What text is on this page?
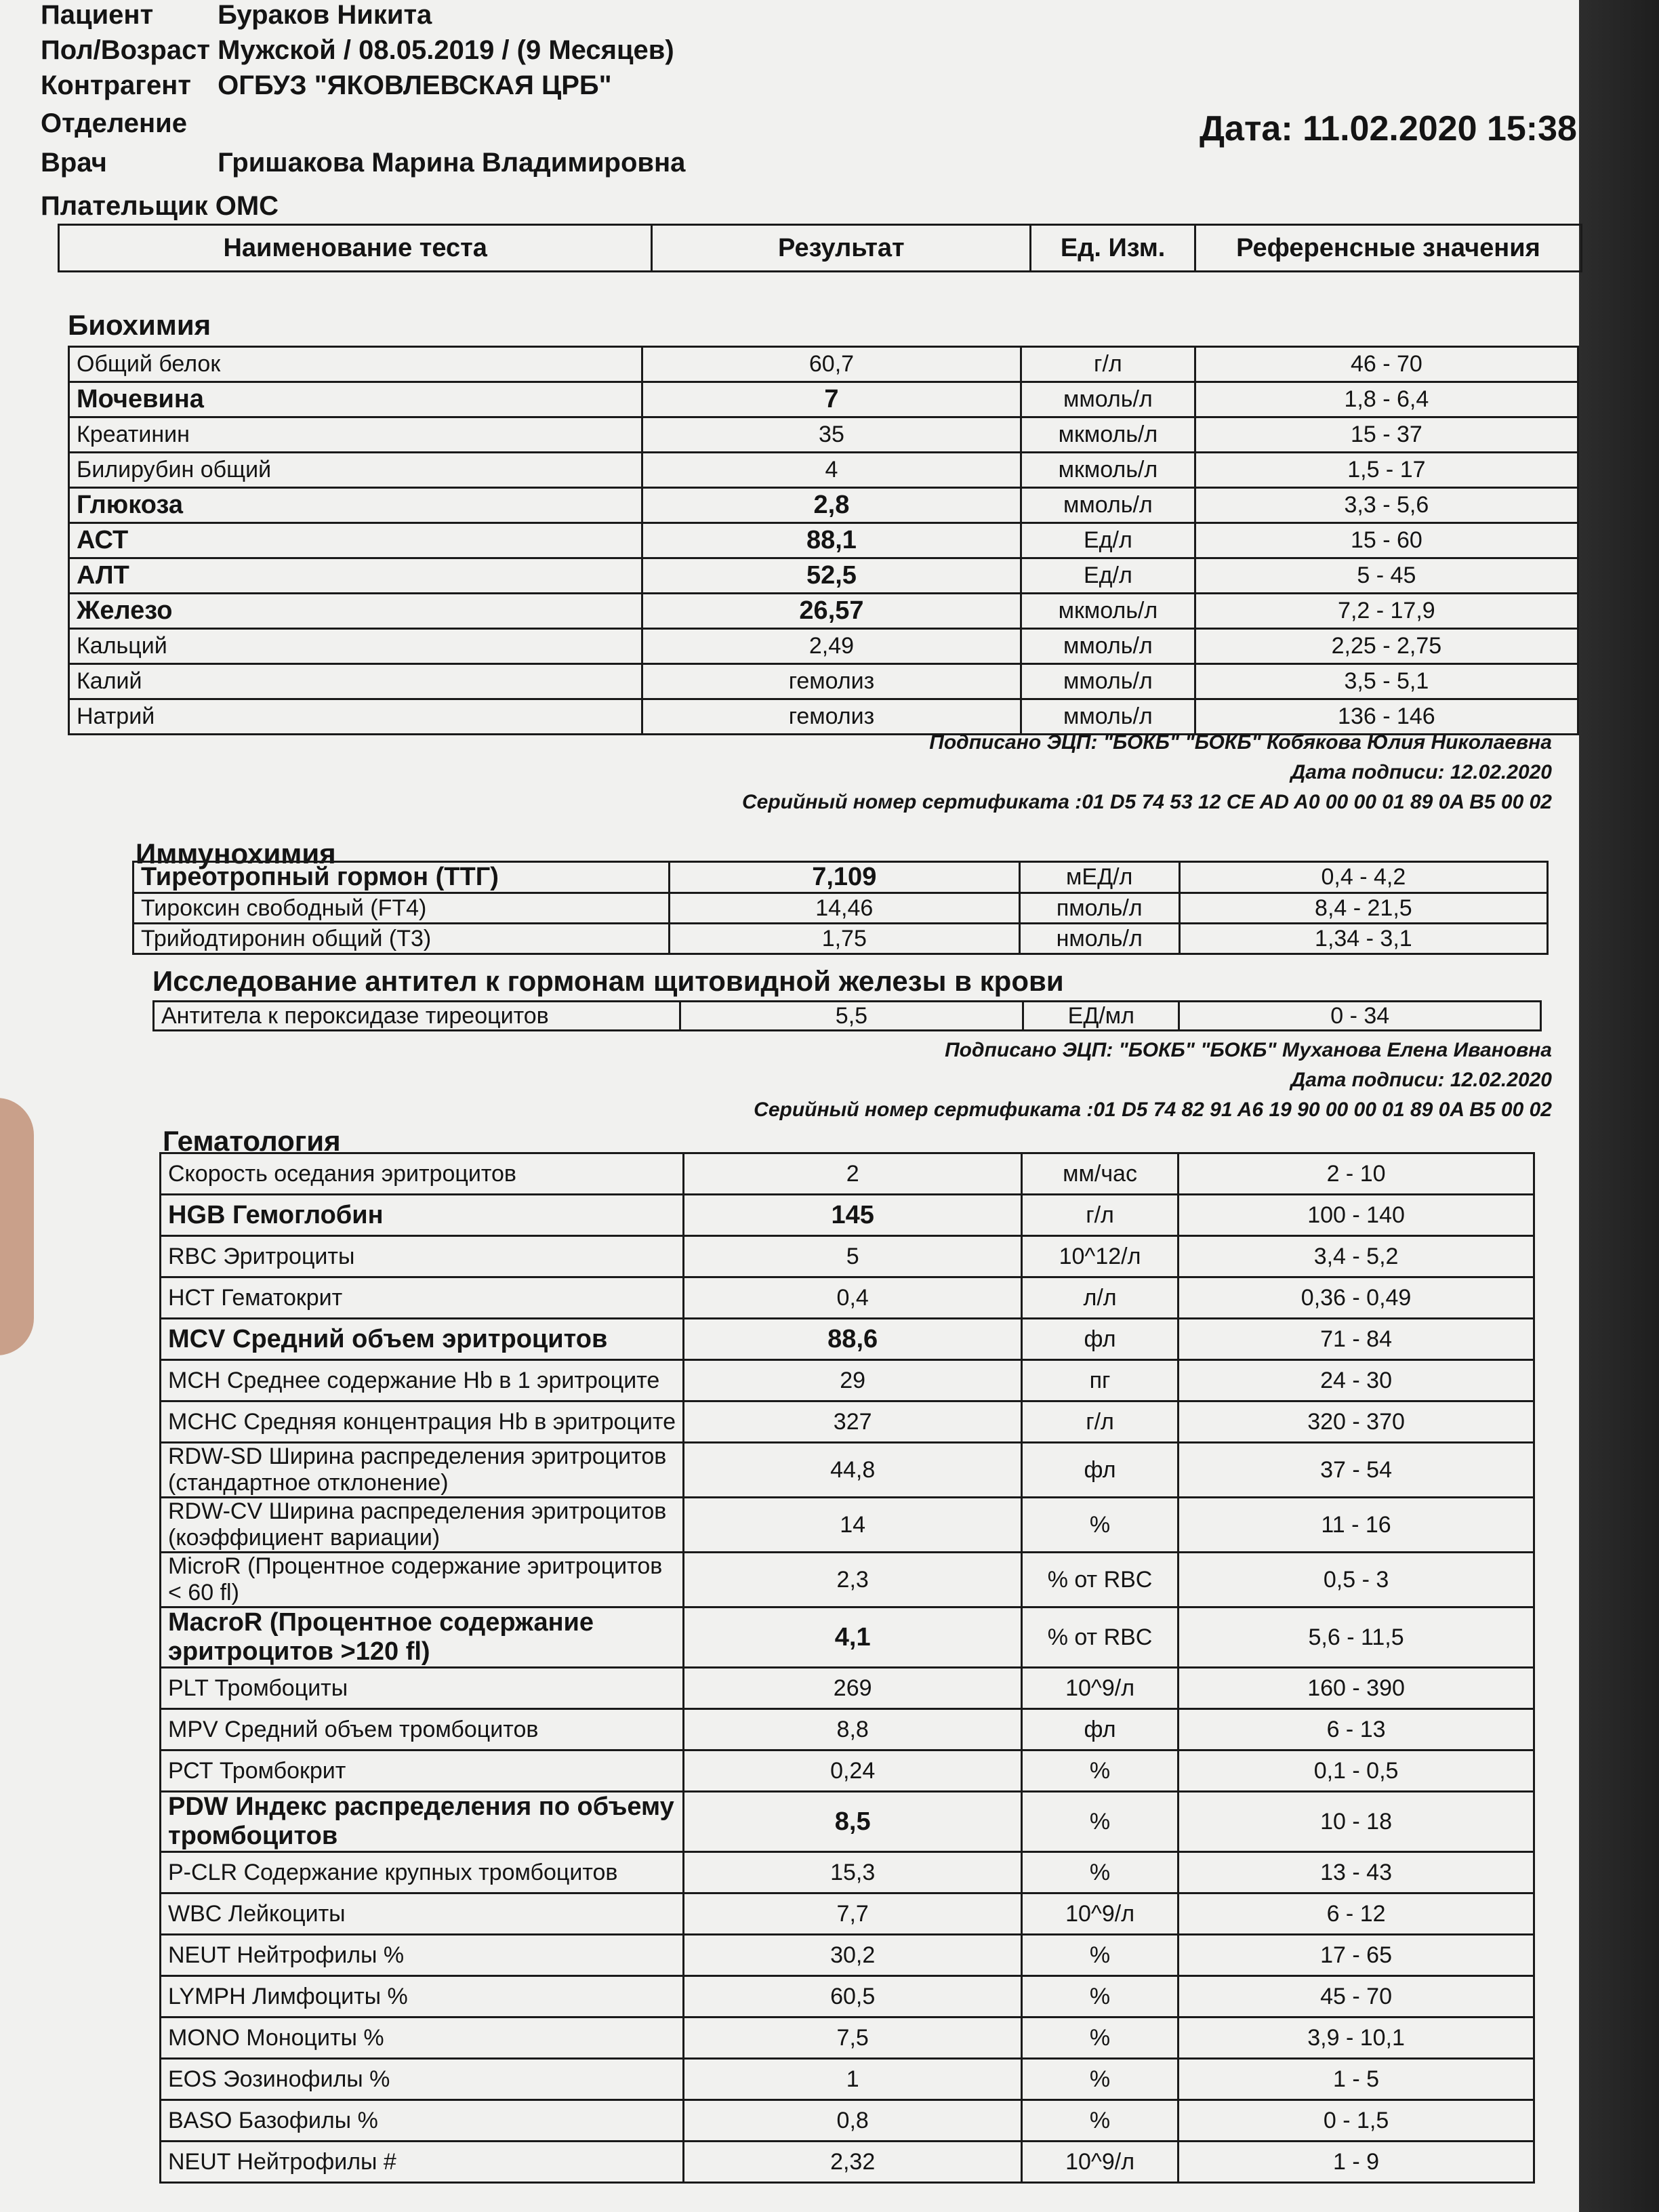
Пациент Бураков Никита
Пол/Возраст Мужской / 08.05.2019 / (9 Месяцев)
Контрагент ОГБУЗ "ЯКОВЛЕВСКАЯ ЦРБ"
Отделение
Врач	Гришакова Марина Владимировна
Плательщик ОМС
Дата: 11.02.2020 15:38
Наименование теста	Результат	Ед. Изм.	Референсные значения
Биохимия
Общий белок	60,7	г/л	46 - 70
Мочевина	7	ммоль/л	1,8 - 6,4
Креатинин	35	мкмоль/л	15 - 37
Билирубин общий	4	мкмоль/л	1,5 - 17
Глюкоза	2,8	ммоль/л	3,3 - 5,6
АСТ	88,1	Ед/л	15 - 60
АЛТ	52,5	Ед/л	5 - 45
Железо	26,57	мкмоль/л	7,2 - 17,9
Кальций	2,49	ммоль/л	2,25 - 2,75
Калий	гемолиз	ммоль/л	3,5 - 5,1
Натрий	гемолиз	ммоль/л	136 - 146
Подписано ЭЦП: "БОКБ" "БОКБ" Кобякова Юлия Николаевна
Дата подписи: 12.02.2020
Серийный номер сертификата :01 D5 74 53 12 CE AD A0 00 00 01 89 0A B5 00 02
Иммунохимия
Тиреотропный гормон (ТТГ)	7,109	мЕД/л	0,4 - 4,2
Тироксин свободный (FT4)	14,46	пмоль/л	8,4 - 21,5
Трийодтиронин общий (Т3)	1,75	нмоль/л	1,34 - 3,1
Исследование антител к гормонам щитовидной железы в крови
Антитела к пероксидазе тиреоцитов	5,5	ЕД/мл	0 - 34
Подписано ЭЦП: "БОКБ" "БОКБ" Муханова Елена Ивановна
Дата подписи: 12.02.2020
Серийный номер сертификата :01 D5 74 82 91 A6 19 90 00 00 01 89 0A B5 00 02
Гематология
Скорость оседания эритроцитов	2	мм/час	2 - 10
HGB Гемоглобин	145	г/л	100 - 140
RBC Эритроциты	5	10^12/л	3,4 - 5,2
НСТ Гематокрит	0,4	л/л	0,36 - 0,49
MCV Средний объем эритроцитов	88,6	фл	71 - 84
МСН Среднее содержание Hb в 1 эритроците	29	пг	24 - 30
МСНС Средняя концентрация Hb в эритроците	327	г/л	320 - 370
RDW-SD Ширина распределения эритроцитов (стандартное отклонение)	44,8	фл	37 - 54
RDW-CV Ширина распределения эритроцитов (коэффициент вариации)	14	%	11 - 16
MicroR (Процентное содержание эритроцитов < 60 fl)	2,3	% от RBC	0,5 - 3
MacroR (Процентное содержание эритроцитов >120 fl)	4,1	% от RBC	5,6 - 11,5
PLT Тромбоциты	269	10^9/л	160 - 390
MPV Средний объем тромбоцитов	8,8	фл	6 - 13
РСТ Тромбокрит	0,24	%	0,1 - 0,5
PDW Индекс распределения по объему тромбоцитов	8,5	%	10 - 18
P-CLR Содержание крупных тромбоцитов	15,3	%	13 - 43
WBC Лейкоциты	7,7	10^9/л	6 - 12
NEUT Нейтрофилы %	30,2	%	17 - 65
LYMPH Лимфоциты %	60,5	%	45 - 70
MONO Моноциты %	7,5	%	3,9 - 10,1
EOS Эозинофилы %	1	%	1 - 5
BASO Базофилы %	0,8	%	0 - 1,5
NEUT Нейтрофилы #	2,32	10^9/л	1 - 9
